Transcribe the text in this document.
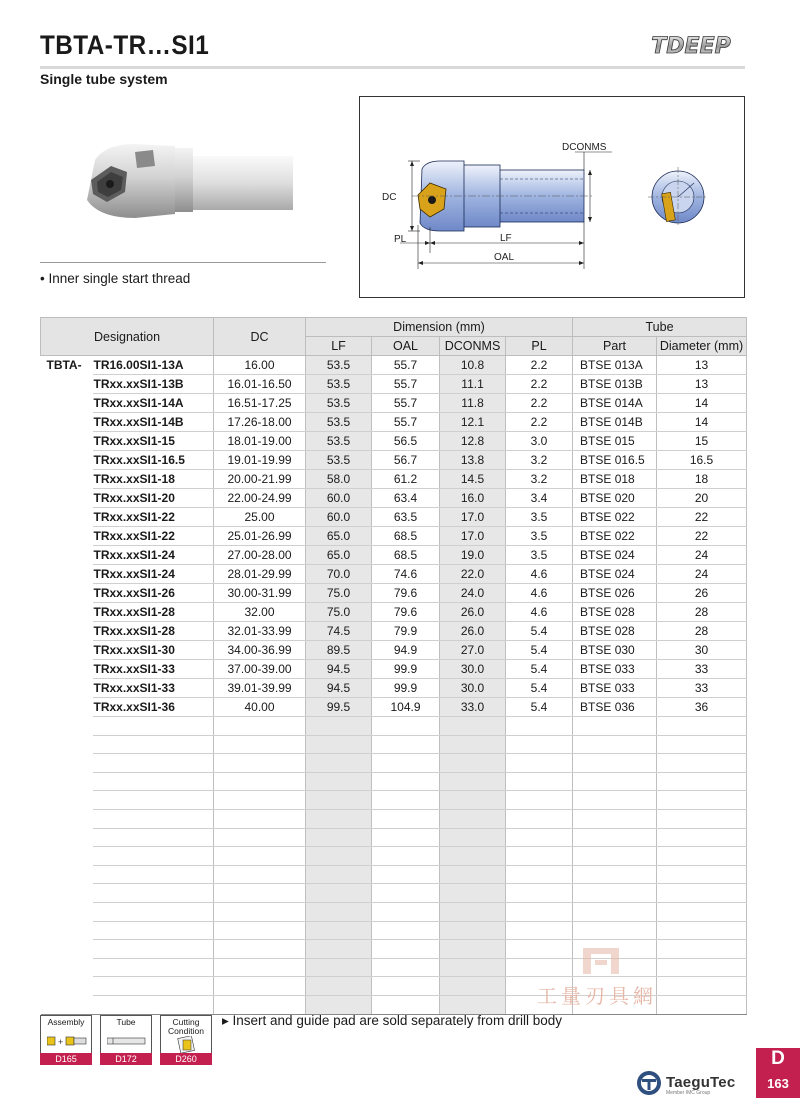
TBTA-TR…SI1
Single tube system
TDEEP
• Inner single start thread
DCONMS
DC
PL	LF
OAL
Designation		DC	Dimension (mm)				Tube	
			LF	OAL	DCONMS	PL	Part	Diameter (mm)
TBTA-	TR16.00SI1-13A	16.00	53.5	55.7	10.8	2.2	BTSE 013A	13
	TRxx.xxSI1-13B	16.01-16.50	53.5	55.7	11.1	2.2	BTSE 013B	13
	TRxx.xxSI1-14A	16.51-17.25	53.5	55.7	11.8	2.2	BTSE 014A	14
	TRxx.xxSI1-14B	17.26-18.00	53.5	55.7	12.1	2.2	BTSE 014B	14
	TRxx.xxSI1-15	18.01-19.00	53.5	56.5	12.8	3.0	BTSE 015	15
	TRxx.xxSI1-16.5	19.01-19.99	53.5	56.7	13.8	3.2	BTSE 016.5	16.5
	TRxx.xxSI1-18	20.00-21.99	58.0	61.2	14.5	3.2	BTSE 018	18
	TRxx.xxSI1-20	22.00-24.99	60.0	63.4	16.0	3.4	BTSE 020	20
	TRxx.xxSI1-22	25.00	60.0	63.5	17.0	3.5	BTSE 022	22
	TRxx.xxSI1-22	25.01-26.99	65.0	68.5	17.0	3.5	BTSE 022	22
	TRxx.xxSI1-24	27.00-28.00	65.0	68.5	19.0	3.5	BTSE 024	24
	TRxx.xxSI1-24	28.01-29.99	70.0	74.6	22.0	4.6	BTSE 024	24
	TRxx.xxSI1-26	30.00-31.99	75.0	79.6	24.0	4.6	BTSE 026	26
	TRxx.xxSI1-28	32.00	75.0	79.6	26.0	4.6	BTSE 028	28
	TRxx.xxSI1-28	32.01-33.99	74.5	79.9	26.0	5.4	BTSE 028	28
	TRxx.xxSI1-30	34.00-36.99	89.5	94.9	27.0	5.4	BTSE 030	30
	TRxx.xxSI1-33	37.00-39.00	94.5	99.9	30.0	5.4	BTSE 033	33
	TRxx.xxSI1-33	39.01-39.99	94.5	99.9	30.0	5.4	BTSE 033	33
	TRxx.xxSI1-36	40.00	99.5	104.9	33.0	5.4	BTSE 036	36

Assembly
+
D165
Tube
D172
Cutting Condition
D260
▸ Insert and guide pad are sold separately from drill body
工量刃具網
TaeguTec
Member IMC Group
D
163
